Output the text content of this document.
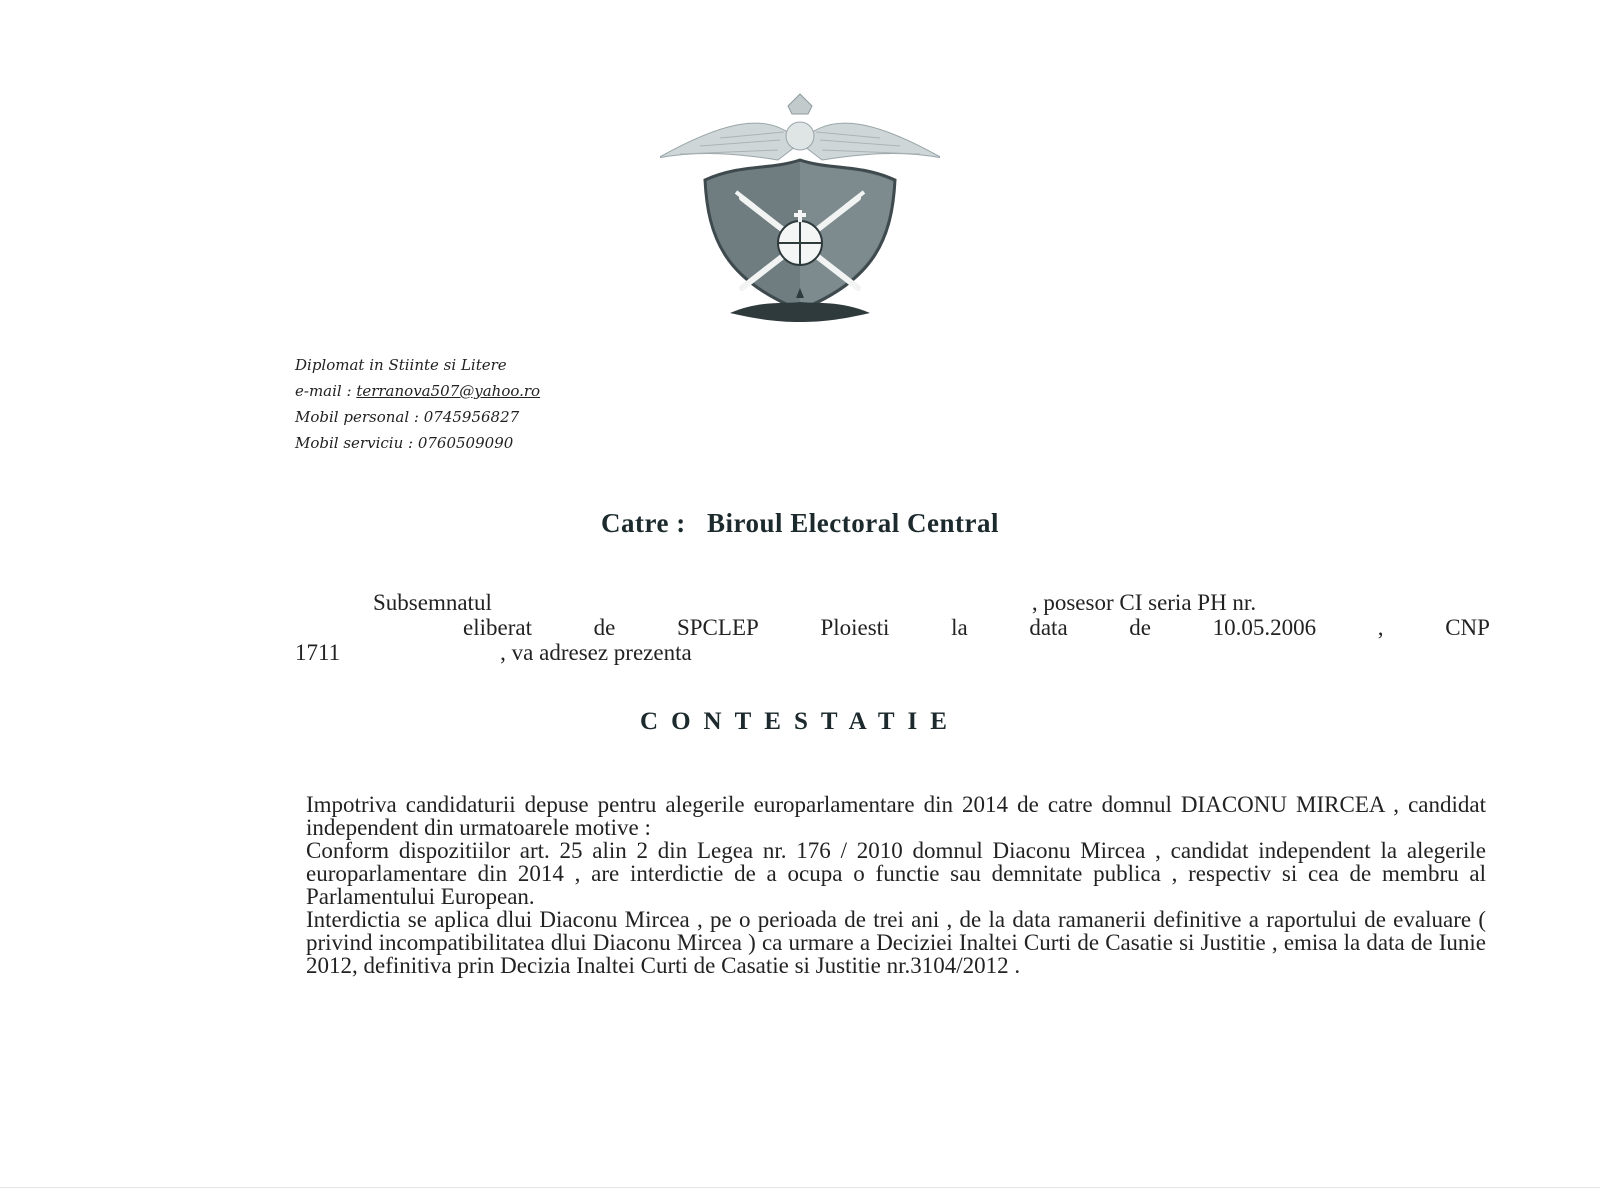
Diplomat in Stiinte si Litere
e-mail : terranova507@yahoo.ro
Mobil personal : 0745956827
Mobil serviciu : 0760509090
Catre : Biroul Electoral Central
Subsemnatul	, posesor CI seria PH nr.
eliberat	de	SPCLEP	Ploiesti	la	data	de	10.05.2006	,	CNP
1711	, va adresez prezenta
CONTESTATIE

Impotriva candidaturii depuse pentru alegerile europarlamentare din 2014 de catre domnul DIACONU MIRCEA , candidat independent din urmatoarele motive :

Conform dispozitiilor art. 25 alin 2 din Legea nr. 176 / 2010 domnul Diaconu Mircea , candidat independent la alegerile europarlamentare din 2014 , are interdictie de a ocupa o functie sau demnitate publica , respectiv si cea de membru al Parlamentului European.

Interdictia se aplica dlui Diaconu Mircea , pe o perioada de trei ani , de la data ramanerii definitive a raportului de evaluare ( privind incompatibilitatea dlui Diaconu Mircea ) ca urmare a Deciziei Inaltei Curti de Casatie si Justitie , emisa la data de Iunie 2012, definitiva prin Decizia Inaltei Curti de Casatie si Justitie nr.3104/2012 .
